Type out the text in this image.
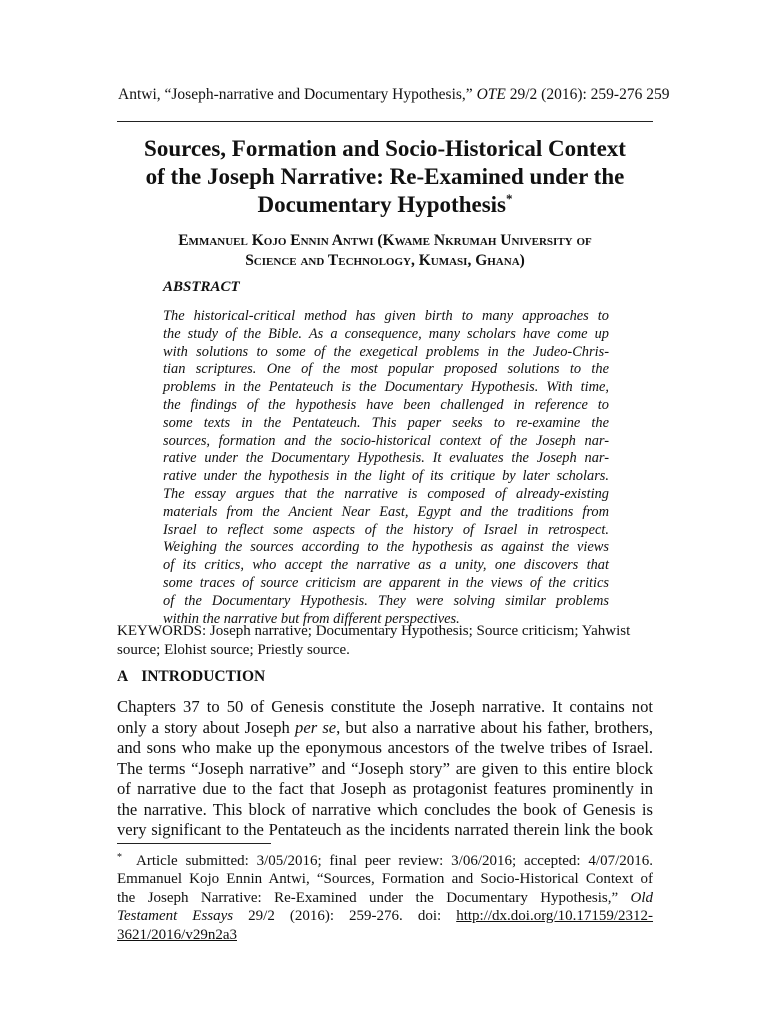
Antwi, “Joseph-narrative and Documentary Hypothesis,” OTE 29/2 (2016): 259-276 259
Sources, Formation and Socio-Historical Context
of the Joseph Narrative: Re-Examined under the
Documentary Hypothesis*
Emmanuel Kojo Ennin Antwi (Kwame Nkrumah University of
Science and Technology, Kumasi, Ghana)
ABSTRACT
The historical-critical method has given birth to many approaches to
the study of the Bible. As a consequence, many scholars have come up
with solutions to some of the exegetical problems in the Judeo-Chris-
tian scriptures. One of the most popular proposed solutions to the
problems in the Pentateuch is the Documentary Hypothesis. With time,
the findings of the hypothesis have been challenged in reference to
some texts in the Pentateuch. This paper seeks to re-examine the
sources, formation and the socio-historical context of the Joseph nar-
rative under the Documentary Hypothesis. It evaluates the Joseph nar-
rative under the hypothesis in the light of its critique by later scholars.
The essay argues that the narrative is composed of already-existing
materials from the Ancient Near East, Egypt and the traditions from
Israel to reflect some aspects of the history of Israel in retrospect.
Weighing the sources according to the hypothesis as against the views
of its critics, who accept the narrative as a unity, one discovers that
some traces of source criticism are apparent in the views of the critics
of the Documentary Hypothesis. They were solving similar problems
within the narrative but from different perspectives.
KEYWORDS: Joseph narrative; Documentary Hypothesis; Source criticism; Yahwist
source; Elohist source; Priestly source.
A INTRODUCTION
Chapters 37 to 50 of Genesis constitute the Joseph narrative. It contains not
only a story about Joseph per se, but also a narrative about his father, brothers,
and sons who make up the eponymous ancestors of the twelve tribes of Israel.
The terms “Joseph narrative” and “Joseph story” are given to this entire block
of narrative due to the fact that Joseph as protagonist features prominently in
the narrative. This block of narrative which concludes the book of Genesis is
very significant to the Pentateuch as the incidents narrated therein link the book
* Article submitted: 3/05/2016; final peer review: 3/06/2016; accepted: 4/07/2016.
Emmanuel Kojo Ennin Antwi, “Sources, Formation and Socio-Historical Context of
the Joseph Narrative: Re-Examined under the Documentary Hypothesis,” Old
Testament Essays 29/2 (2016): 259-276. doi: http://dx.doi.org/10.17159/2312-
3621/2016/v29n2a3
